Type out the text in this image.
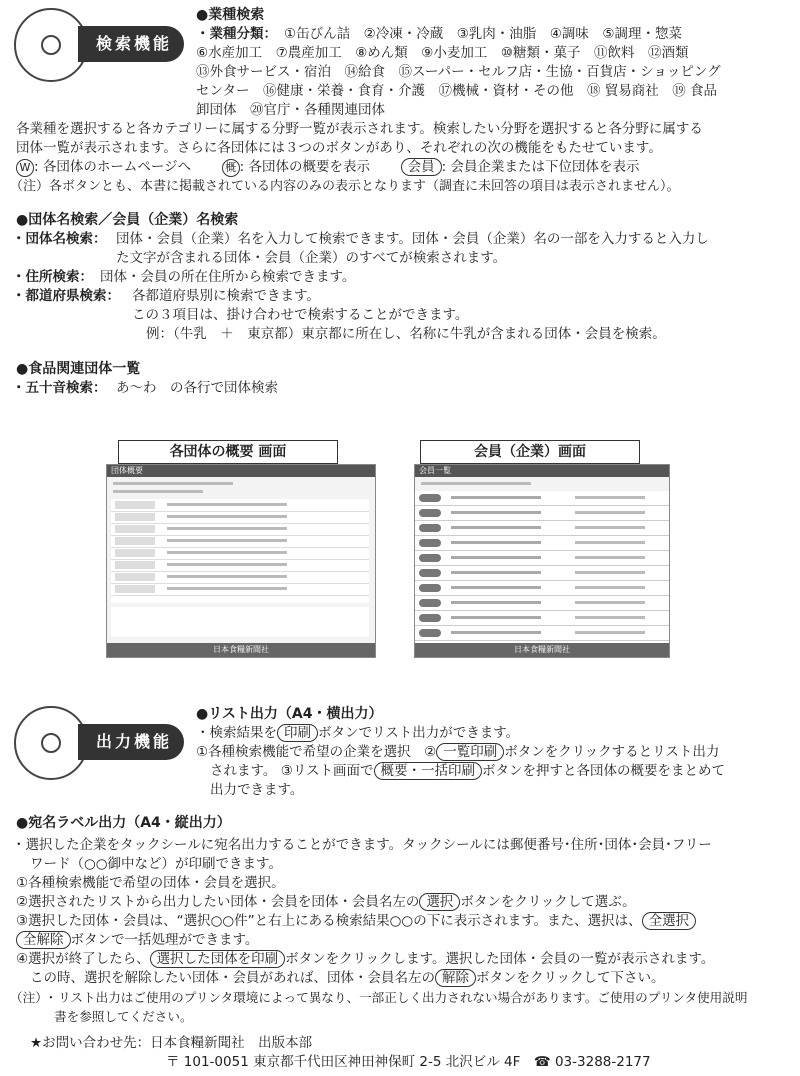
検索機能
●業種検索
・業種分類： ①缶びん詰　②冷凍・冷蔵　③乳肉・油脂　④調味　⑤調理・惣菜
⑥水産加工　⑦農産加工　⑧めん類　⑨小麦加工　⑩糖類・菓子　⑪飲料　⑫酒類
⑬外食サービス・宿泊　⑭給食　⑮スーパー・セルフ店・生協・百貨店・ショッピング
センター　⑯健康・栄養・食育・介護　⑰機械・資材・その他　⑱ 貿易商社　⑲ 食品
卸団体　⑳官庁・各種関連団体
各業種を選択すると各カテゴリーに属する分野一覧が表示されます。検索したい分野を選択すると各分野に属する
団体一覧が表示されます。さらに各団体には３つのボタンがあり、それぞれの次の機能をもたせています。
W : 各団体のホームページへ	概 : 各団体の概要を表示	会員 : 会員企業または下位団体を表示
（注）各ボタンとも、本書に掲載されている内容のみの表示となります（調査に未回答の項目は表示されません）。
●団体名検索／会員（企業）名検索
・団体名検索： 団体・会員（企業）名を入力して検索できます。団体・会員（企業）名の一部を入力すると入力し
た文字が含まれる団体・会員（企業）のすべてが検索されます。
・住所検索： 団体・会員の所在住所から検索できます。
・都道府県検索： 各都道府県別に検索できます。
この３項目は、掛け合わせで検索することができます。
例：（牛乳　＋　東京都）東京都に所在し、名称に牛乳が含まれる団体・会員を検索。
●食品関連団体一覧
・五十音検索： あ〜わ　の各行で団体検索
各団体の概要 画面
団体概要
日本食糧新聞社
会員（企業）画面
会員一覧
日本食糧新聞社
出力機能
●リスト出力（A4・横出力）
・検索結果を 印刷 ボタンでリスト出力ができます。
①各種検索機能で希望の企業を選択　② 一覧印刷 ボタンをクリックするとリスト出力
されます。 ③リスト画面で 概要・一括印刷 ボタンを押すと各団体の概要をまとめて
出力できます。
●宛名ラベル出力（A4・縦出力）
・選択した企業をタックシールに宛名出力することができます。タックシールには郵便番号･住所･団体･会員･フリー
ワード（○○御中など）が印刷できます。
①各種検索機能で希望の団体・会員を選択。
②選択されたリストから出力したい団体・会員を団体・会員名左の 選択 ボタンをクリックして選ぶ。
③選択した団体・会員は、“選択○○件”と右上にある検索結果○○の下に表示されます。また、選択は、 全選択
全解除 ボタンで一括処理ができます。
④選択が終了したら、 選択した団体を印刷 ボタンをクリックします。選択した団体・会員の一覧が表示されます。
この時、選択を解除したい団体・会員があれば、団体・会員名左の 解除 ボタンをクリックして下さい。
（注）･ リスト出力はご使用のプリンタ環境によって異なり、一部正しく出力されない場合があります。ご使用のプリンタ使用説明
書を参照してください。
★お問い合わせ先：日本食糧新聞社　出版本部
〒 101-0051 東京都千代田区神田神保町 2-5 北沢ビル 4F　☎ 03-3288-2177
